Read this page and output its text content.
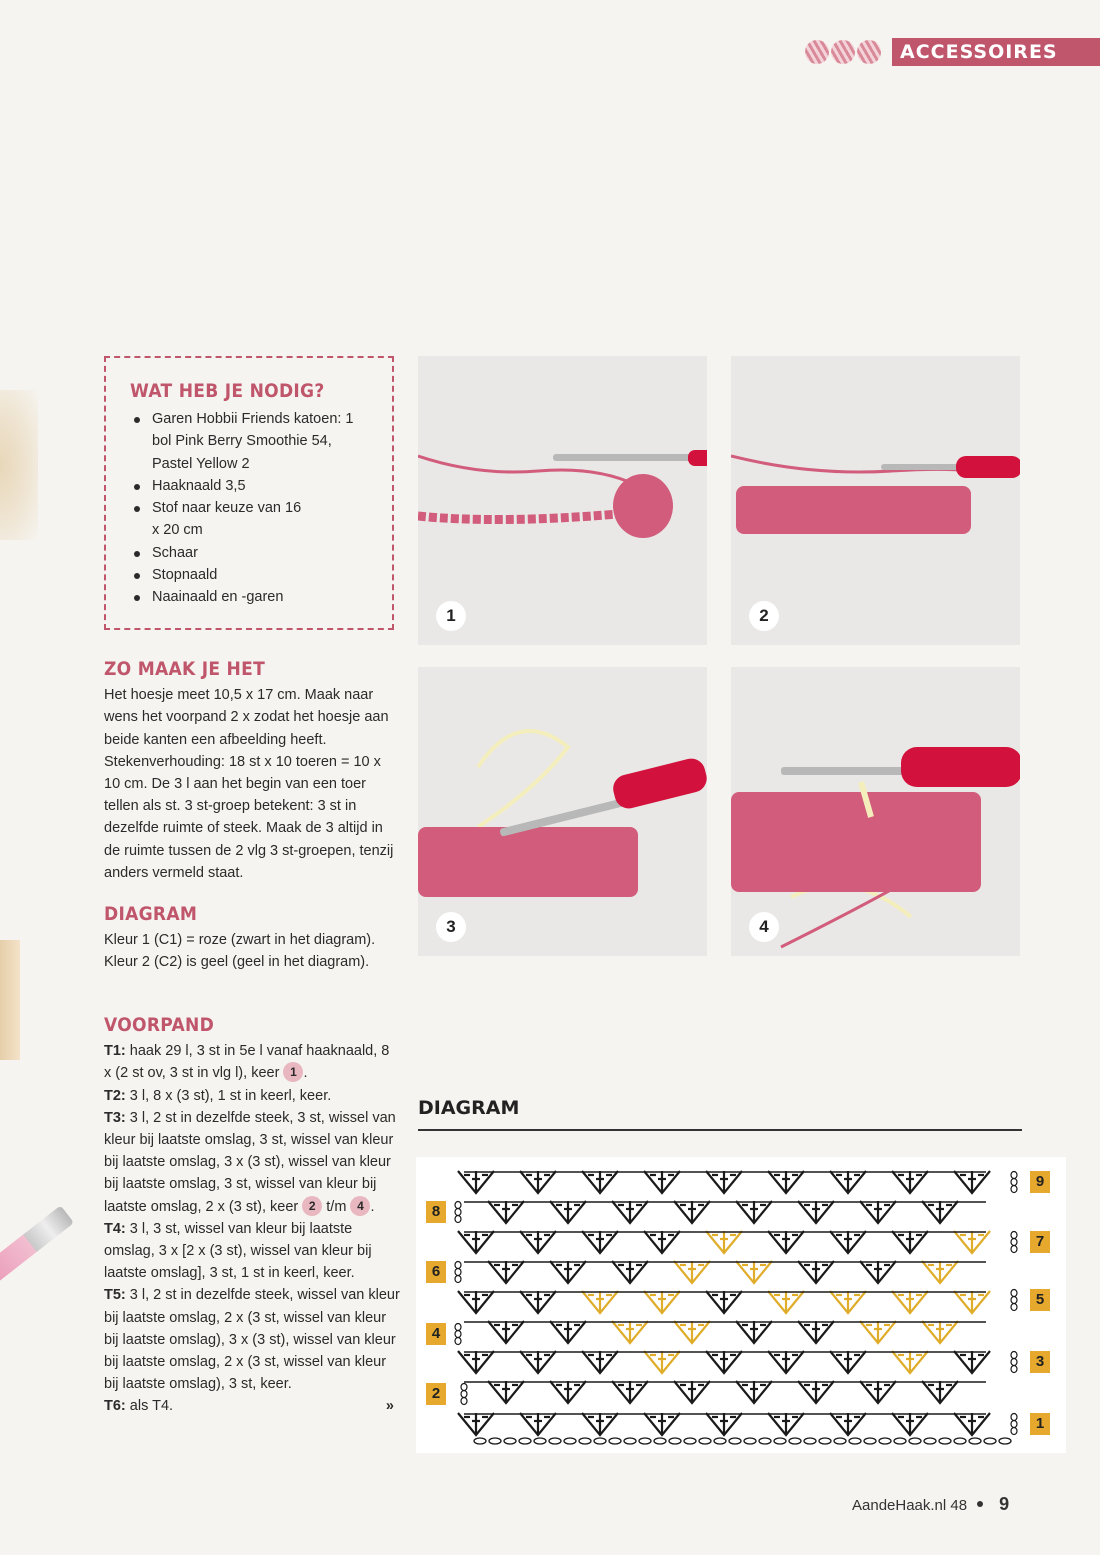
ACCESSOIRES
WAT HEB JE NODIG?
Garen Hobbii Friends katoen: 1 bol Pink Berry Smoothie 54, Pastel Yellow 2
Haaknaald 3,5
Stof naar keuze van 16 x 20 cm
Schaar
Stopnaald
Naainaald en -garen
ZO MAAK JE HET

Het hoesje meet 10,5 x 17 cm. Maak naar wens het voorpand 2 x zodat het hoesje aan beide kanten een afbeelding heeft. Stekenverhouding: 18 st x 10 toeren = 10 x 10 cm. De 3 l aan het begin van een toer tellen als st. 3 st-groep betekent: 3 st in dezelfde ruimte of steek. Maak de 3 altijd in de ruimte tussen de 2 vlg 3 st-groepen, tenzij anders vermeld staat.

DIAGRAM

Kleur 1 (C1) = roze (zwart in het diagram). Kleur 2 (C2) is geel (geel in het diagram).

VOORPAND

T1: haak 29 l, 3 st in 5e l vanaf haaknaald, 8 x (2 st ov, 3 st in vlg l), keer 1 .

T2: 3 l, 8 x (3 st), 1 st in keerl, keer.

T3: 3 l, 2 st in dezelfde steek, 3 st, wissel van kleur bij laatste omslag, 3 st, wissel van kleur bij laatste omslag, 3 x (3 st), wissel van kleur bij laatste omslag, 3 st, wissel van kleur bij laatste omslag, 2 x (3 st), keer 2 t/m 4 .

T4: 3 l, 3 st, wissel van kleur bij laatste omslag, 3 x [2 x (3 st), wissel van kleur bij laatste omslag], 3 st, 1 st in keerl, keer.

T5: 3 l, 2 st in dezelfde steek, wissel van kleur bij laatste omslag, 2 x (3 st, wissel van kleur bij laatste omslag), 3 x (3 st), wissel van kleur bij laatste omslag, 2 x (3 st, wissel van kleur bij laatste omslag), 3 st, keer.

T6: als T4.	»

1	2
3	4
DIAGRAM
8
6
4
2
9
7
5
3
1
AandeHaak.nl 48 9
